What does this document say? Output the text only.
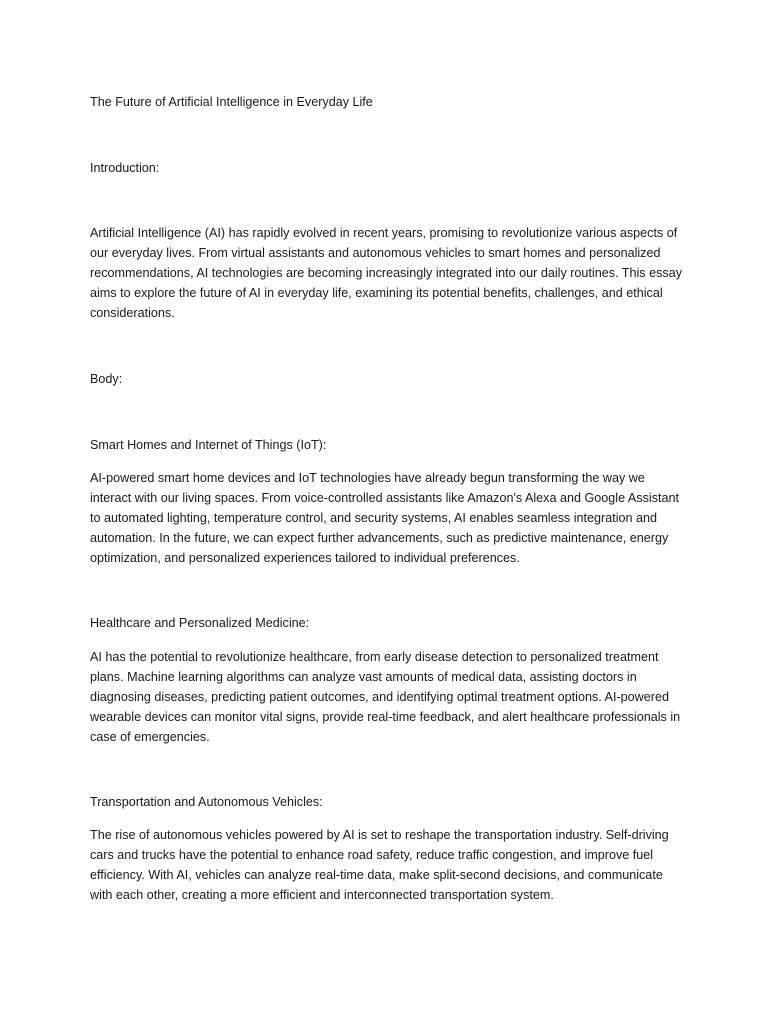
The Future of Artificial Intelligence in Everyday Life

Introduction:

Artificial Intelligence (AI) has rapidly evolved in recent years, promising to revolutionize various aspects of our everyday lives. From virtual assistants and autonomous vehicles to smart homes and personalized recommendations, AI technologies are becoming increasingly integrated into our daily routines. This essay aims to explore the future of AI in everyday life, examining its potential benefits, challenges, and ethical considerations.

Body:

Smart Homes and Internet of Things (IoT):

AI-powered smart home devices and IoT technologies have already begun transforming the way we interact with our living spaces. From voice-controlled assistants like Amazon's Alexa and Google Assistant to automated lighting, temperature control, and security systems, AI enables seamless integration and automation. In the future, we can expect further advancements, such as predictive maintenance, energy optimization, and personalized experiences tailored to individual preferences.

Healthcare and Personalized Medicine:

AI has the potential to revolutionize healthcare, from early disease detection to personalized treatment plans. Machine learning algorithms can analyze vast amounts of medical data, assisting doctors in diagnosing diseases, predicting patient outcomes, and identifying optimal treatment options. AI-powered wearable devices can monitor vital signs, provide real-time feedback, and alert healthcare professionals in case of emergencies.

Transportation and Autonomous Vehicles:

The rise of autonomous vehicles powered by AI is set to reshape the transportation industry. Self-driving cars and trucks have the potential to enhance road safety, reduce traffic congestion, and improve fuel efficiency. With AI, vehicles can analyze real-time data, make split-second decisions, and communicate with each other, creating a more efficient and interconnected transportation system.
